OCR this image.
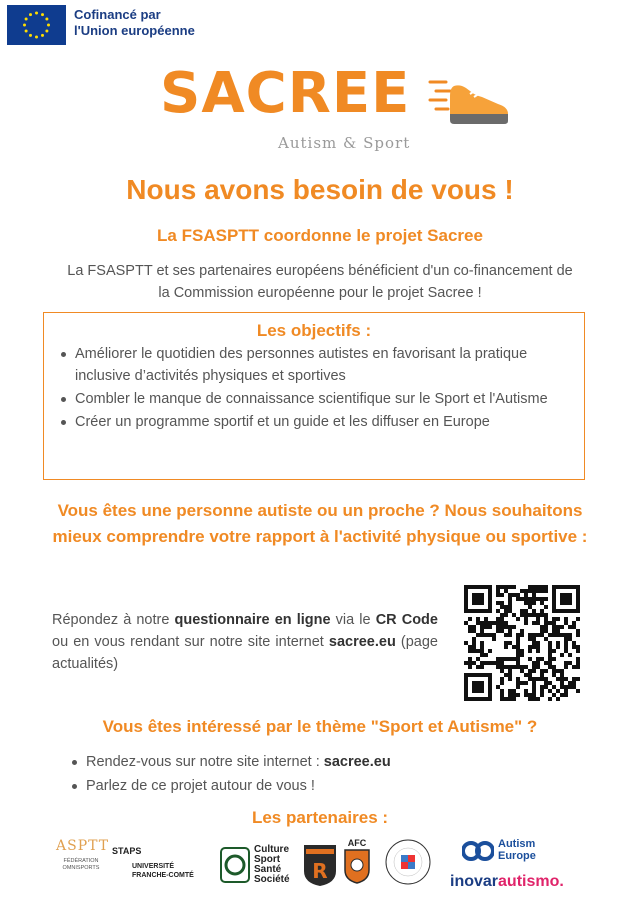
Cofinancé par
l'Union européenne
SACREE
Autism & Sport
Nous avons besoin de vous !
La FSASPTT coordonne le projet Sacree
La FSASPTT et ses partenaires européens bénéficient d'un co-financement de la Commission européenne pour le projet Sacree !
Les objectifs :
Améliorer le quotidien des personnes autistes en favorisant la pratique inclusive d’activités physiques et sportives
Combler le manque de connaissance scientifique sur le Sport et l'Autisme
Créer un programme sportif et un guide et les diffuser en Europe
Vous êtes une personne autiste ou un proche ? Nous souhaitons mieux comprendre votre rapport à l'activité physique ou sportive :
Répondez à notre questionnaire en ligne via le CR Code ou en vous rendant sur notre site internet sacree.eu (page actualités)
Vous êtes intéressé par le thème "Sport et Autisme" ?
Rendez-vous sur notre site internet : sacree.eu
Parlez de ce projet autour de vous !
Les partenaires :
ASPTT
FÉDÉRATION OMNISPORTS
STAPS
UNIVERSITÉ FRANCHE-COMTÉ
Culture
Sport
Santé
Société R
AFC	Autism
Europe
inovarautismo.
